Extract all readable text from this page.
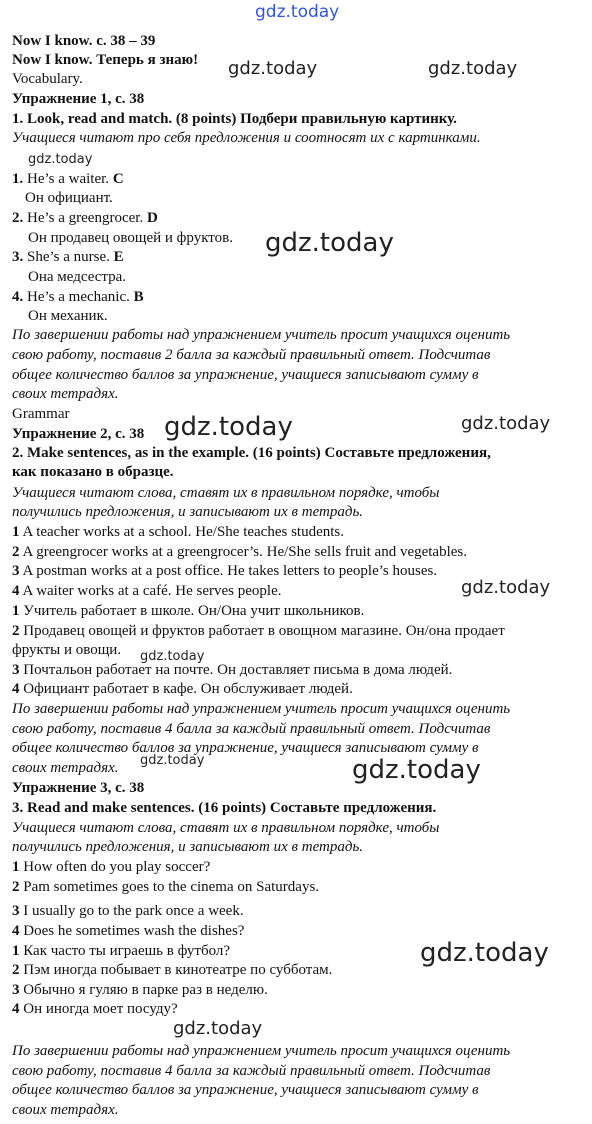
gdz.today
Now I know. с. 38 – 39
Now I know. Теперь я знаю!
Vocabulary.
Упражнение 1, с. 38
1. Look, read and match. (8 points) Подбери правильную картинку.
Учащиеся читают про себя предложения и соотносят их с картинками.
1. He’s a waiter. C
Он официант.
2. He’s a greengrocer. D
Он продавец овощей и фруктов.
3. She’s a nurse. E
Она медсестра.
4. He’s a mechanic. B
Он механик.
По завершении работы над упражнением учитель просит учащихся оценить
свою работу, поставив 2 балла за каждый правильный ответ. Подсчитав
общее количество баллов за упражнение, учащиеся записывают сумму в
своих тетрадях.
Grammar
Упражнение 2, с. 38
2. Make sentences, as in the example. (16 points) Составьте предложения,
как показано в образце.
Учащиеся читают слова, ставят их в правильном порядке, чтобы
получились предложения, и записывают их в тетрадь.
1 A teacher works at a school. He/She teaches students.
2 A greengrocer works at a greengrocer’s. He/She sells fruit and vegetables.
3 A postman works at a post office. He takes letters to people’s houses.
4 A waiter works at a café. He serves people.
1 Учитель работает в школе. Он/Она учит школьников.
2 Продавец овощей и фруктов работает в овощном магазине. Он/она продает
фрукты и овощи.
3 Почтальон работает на почте. Он доставляет письма в дома людей.
4 Официант работает в кафе. Он обслуживает людей.
По завершении работы над упражнением учитель просит учащихся оценить
свою работу, поставив 4 балла за каждый правильный ответ. Подсчитав
общее количество баллов за упражнение, учащиеся записывают сумму в
своих тетрадях.
Упражнение 3, с. 38
3. Read and make sentences. (16 points) Составьте предложения.
Учащиеся читают слова, ставят их в правильном порядке, чтобы
получились предложения, и записывают их в тетрадь.
1 How often do you play soccer?
2 Pam sometimes goes to the cinema on Saturdays.
3 I usually go to the park once a week.
4 Does he sometimes wash the dishes?
1 Как часто ты играешь в футбол?
2 Пэм иногда побывает в кинотеатре по субботам.
3 Обычно я гуляю в парке раз в неделю.
4 Он иногда моет посуду?
По завершении работы над упражнением учитель просит учащихся оценить
свою работу, поставив 4 балла за каждый правильный ответ. Подсчитав
общее количество баллов за упражнение, учащиеся записывают сумму в
своих тетрадях.
gdz.today	gdz.today
gdz.today
gdz.today
gdz.today	gdz.today
gdz.today
gdz.today
gdz.today	gdz.today
gdz.today
gdz.today
